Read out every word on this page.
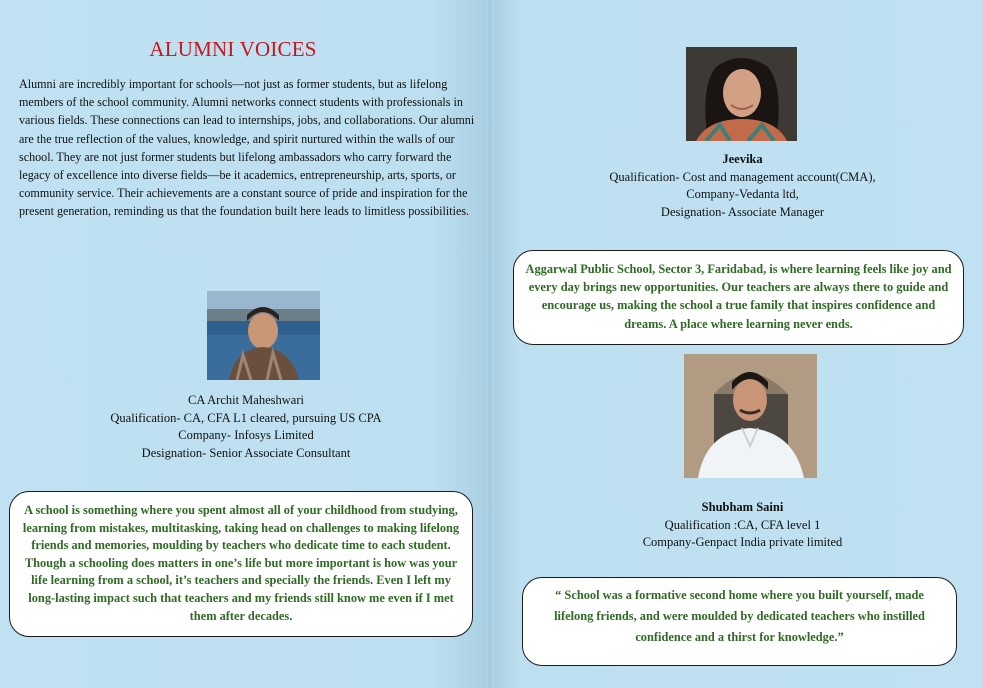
ALUMNI VOICES
Alumni are incredibly important for schools—not just as former students, but as lifelong members of the school community. Alumni networks connect students with professionals in various fields. These connections can lead to internships, jobs, and collaborations. Our alumni are the true reflection of the values, knowledge, and spirit nurtured within the walls of our school. They are not just former students but lifelong ambassadors who carry forward the legacy of excellence into diverse fields—be it academics, entrepreneurship, arts, sports, or community service. Their achievements are a constant source of pride and inspiration for the present generation, reminding us that the foundation built here leads to limitless possibilities.
Jeevika
Qualification- Cost and management account(CMA),
Company-Vedanta ltd,
Designation- Associate Manager
Aggarwal Public School, Sector 3, Faridabad, is where learning feels like joy and every day brings new opportunities. Our teachers are always there to guide and encourage us, making the school a true family that inspires confidence and dreams. A place where learning never ends.
CA Archit Maheshwari
Qualification- CA, CFA L1 cleared, pursuing US CPA
Company- Infosys Limited
Designation- Senior Associate Consultant
A school is something where you spent almost all of your childhood from studying, learning from mistakes, multitasking, taking head on challenges to making lifelong friends and memories, moulding by teachers who dedicate time to each student. Though a schooling does matters in one’s life but more important is how was your life learning from a school, it’s teachers and specially the friends. Even I left my long-lasting impact such that teachers and my friends still know me even if I met them after decades.
Shubham Saini
Qualification :CA, CFA level 1
Company-Genpact India private limited
“ School was a formative second home where you built yourself, made lifelong friends, and were moulded by dedicated teachers who instilled confidence and a thirst for knowledge.”
